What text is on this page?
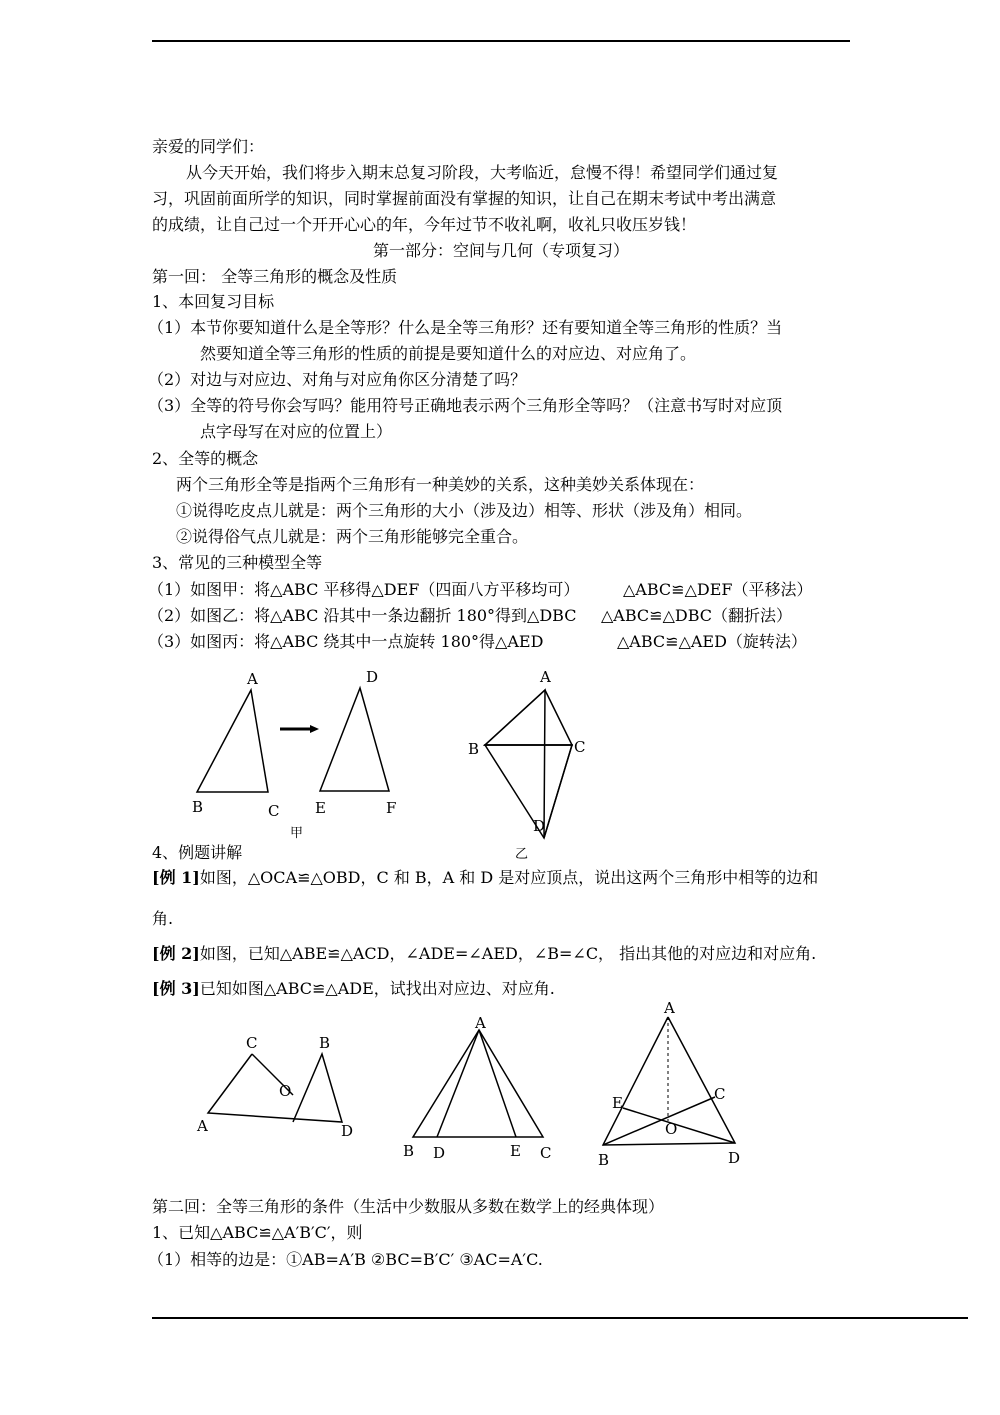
亲爱的同学们：
从今天开始，我们将步入期末总复习阶段，大考临近，怠慢不得！希望同学们通过复
习，巩固前面所学的知识，同时掌握前面没有掌握的知识，让自己在期末考试中考出满意
的成绩，让自己过一个开开心心的年，今年过节不收礼啊，收礼只收压岁钱！
第一部分：空间与几何（专项复习）
第一回： 全等三角形的概念及性质
1、本回复习目标
（1）本节你要知道什么是全等形？什么是全等三角形？还有要知道全等三角形的性质？当
然要知道全等三角形的性质的前提是要知道什么的对应边、对应角了。
（2）对边与对应边、对角与对应角你区分清楚了吗？
（3）全等的符号你会写吗？能用符号正确地表示两个三角形全等吗？（注意书写时对应顶
点字母写在对应的位置上）
2、全等的概念
两个三角形全等是指两个三角形有一种美妙的关系，这种美妙关系体现在：
①说得吃皮点儿就是：两个三角形的大小（涉及边）相等、形状（涉及角）相同。
②说得俗气点儿就是：两个三角形能够完全重合。
3、常见的三种模型全等
（1）如图甲：将△ABC 平移得△DEF（四面八方平移均可）	△ABC≌△DEF（平移法）
（2）如图乙：将△ABC 沿其中一条边翻折 180°得到△DBC △ABC≌△DBC（翻折法）
（3）如图丙：将△ABC 绕其中一点旋转 180°得△AED	△ABC≌△AED（旋转法）
A
B	C
D
E	F
甲
A
B	C
D
乙
4、例题讲解
[例 1]如图，△OCA≌△OBD，C 和 B，A 和 D 是对应顶点，说出这两个三角形中相等的边和
角.
[例 2]如图，已知△ABE≌△ACD，∠ADE=∠AED，∠B=∠C， 指出其他的对应边和对应角.
[例 3]已知如图△ABC≌△ADE，试找出对应边、对应角.
C	B
O
A	D
A
B D	E C
A
E	C
O
B	D
第二回：全等三角形的条件（生活中少数服从多数在数学上的经典体现）
1、已知△ABC≌△A′B′C′，则
（1）相等的边是：①AB=A′B ②BC=B′C′ ③AC=A′C.
